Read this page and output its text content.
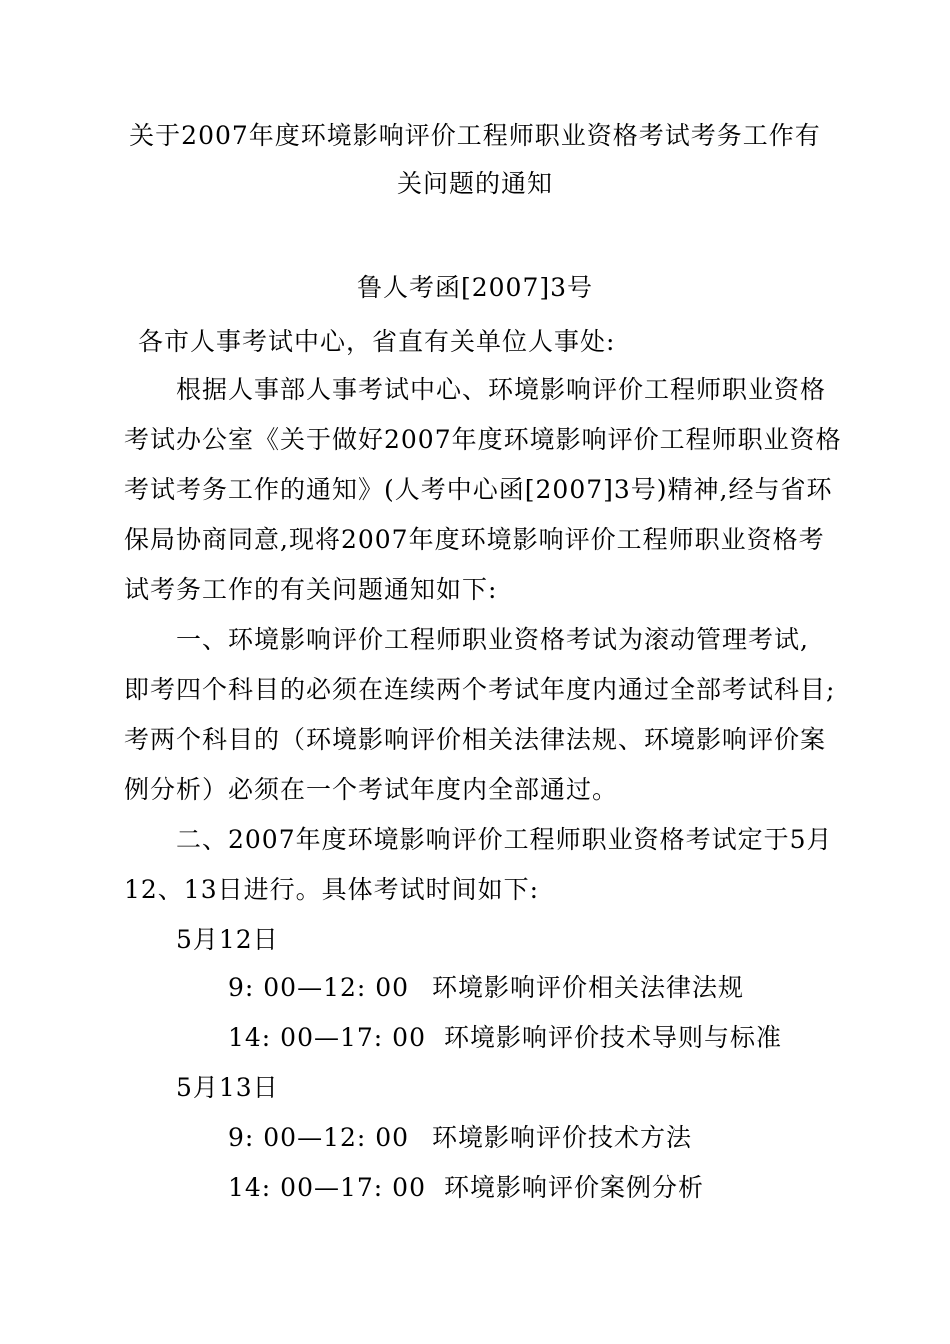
关于2007年度环境影响评价工程师职业资格考试考务工作有
关问题的通知
鲁人考函[2007]3号
各市人事考试中心，省直有关单位人事处:
根据人事部人事考试中心、环境影响评价工程师职业资格
考试办公室《关于做好2007年度环境影响评价工程师职业资格
考试考务工作的通知》(人考中心函[2007]3号)精神,经与省环
保局协商同意,现将2007年度环境影响评价工程师职业资格考
试考务工作的有关问题通知如下:
一、环境影响评价工程师职业资格考试为滚动管理考试,
即考四个科目的必须在连续两个考试年度内通过全部考试科目;
考两个科目的（环境影响评价相关法律法规、环境影响评价案
例分析）必须在一个考试年度内全部通过。
二、2007年度环境影响评价工程师职业资格考试定于5月
12、13日进行。具体考试时间如下:
5月12日
9: 00—12: 00 环境影响评价相关法律法规
14: 00—17: 00 环境影响评价技术导则与标准
5月13日
9: 00—12: 00 环境影响评价技术方法
14: 00—17: 00 环境影响评价案例分析
